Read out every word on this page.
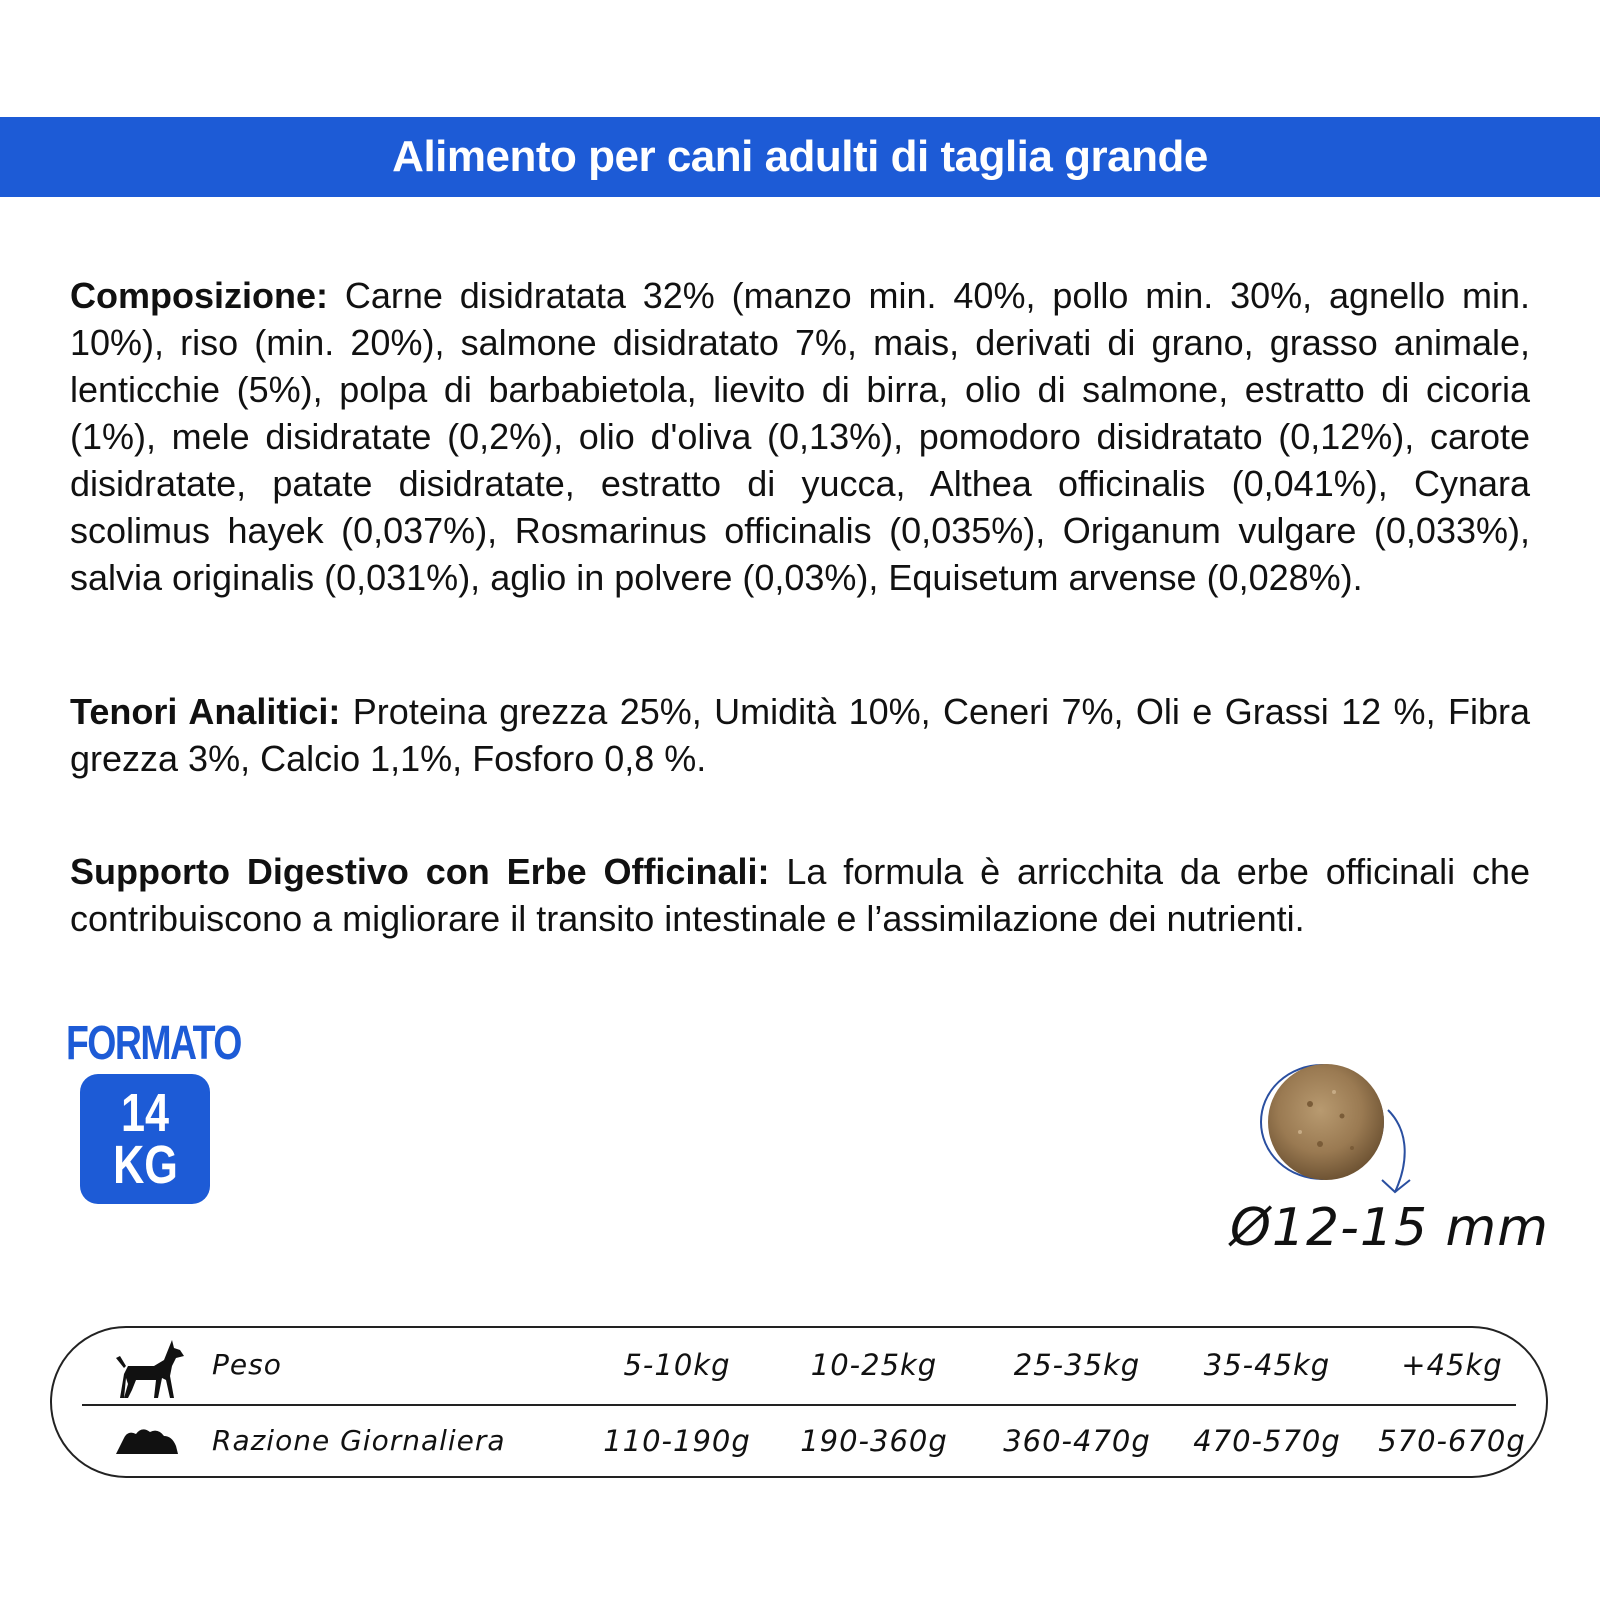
Alimento per cani adulti di taglia grande

Composizione: Carne disidratata 32% (manzo min. 40%, pollo min. 30%, agnello min. 10%), riso (min. 20%), salmone disidratato 7%, mais, derivati di grano, grasso animale, lenticchie (5%), polpa di barbabietola, lievito di birra, olio di salmone, estratto di cicoria (1%), mele disidratate (0,2%), olio d'oliva (0,13%), pomodoro disidratato (0,12%), carote disidratate, patate disidratate, estratto di yucca, Althea officinalis (0,041%), Cynara scolimus hayek (0,037%), Rosmarinus officinalis (0,035%), Origanum vulgare (0,033%), salvia originalis (0,031%), aglio in polvere (0,03%), Equisetum arvense (0,028%).

Tenori Analitici: Proteina grezza 25%, Umidità 10%, Ceneri 7%, Oli e Grassi 12 %, Fibra grezza 3%, Calcio 1,1%, Fosforo 0,8 %.

Supporto Digestivo con Erbe Officinali: La formula è arricchita da erbe officinali che contribuiscono a migliorare il transito intestinale e l’assimilazione dei nutrienti.

FORMATO
14
KG
Ø12-15 mm
Peso	5-10kg	10-25kg	25-35kg	35-45kg	+45kg
Razione Giornaliera	110-190g	190-360g	360-470g	470-570g	570-670g
